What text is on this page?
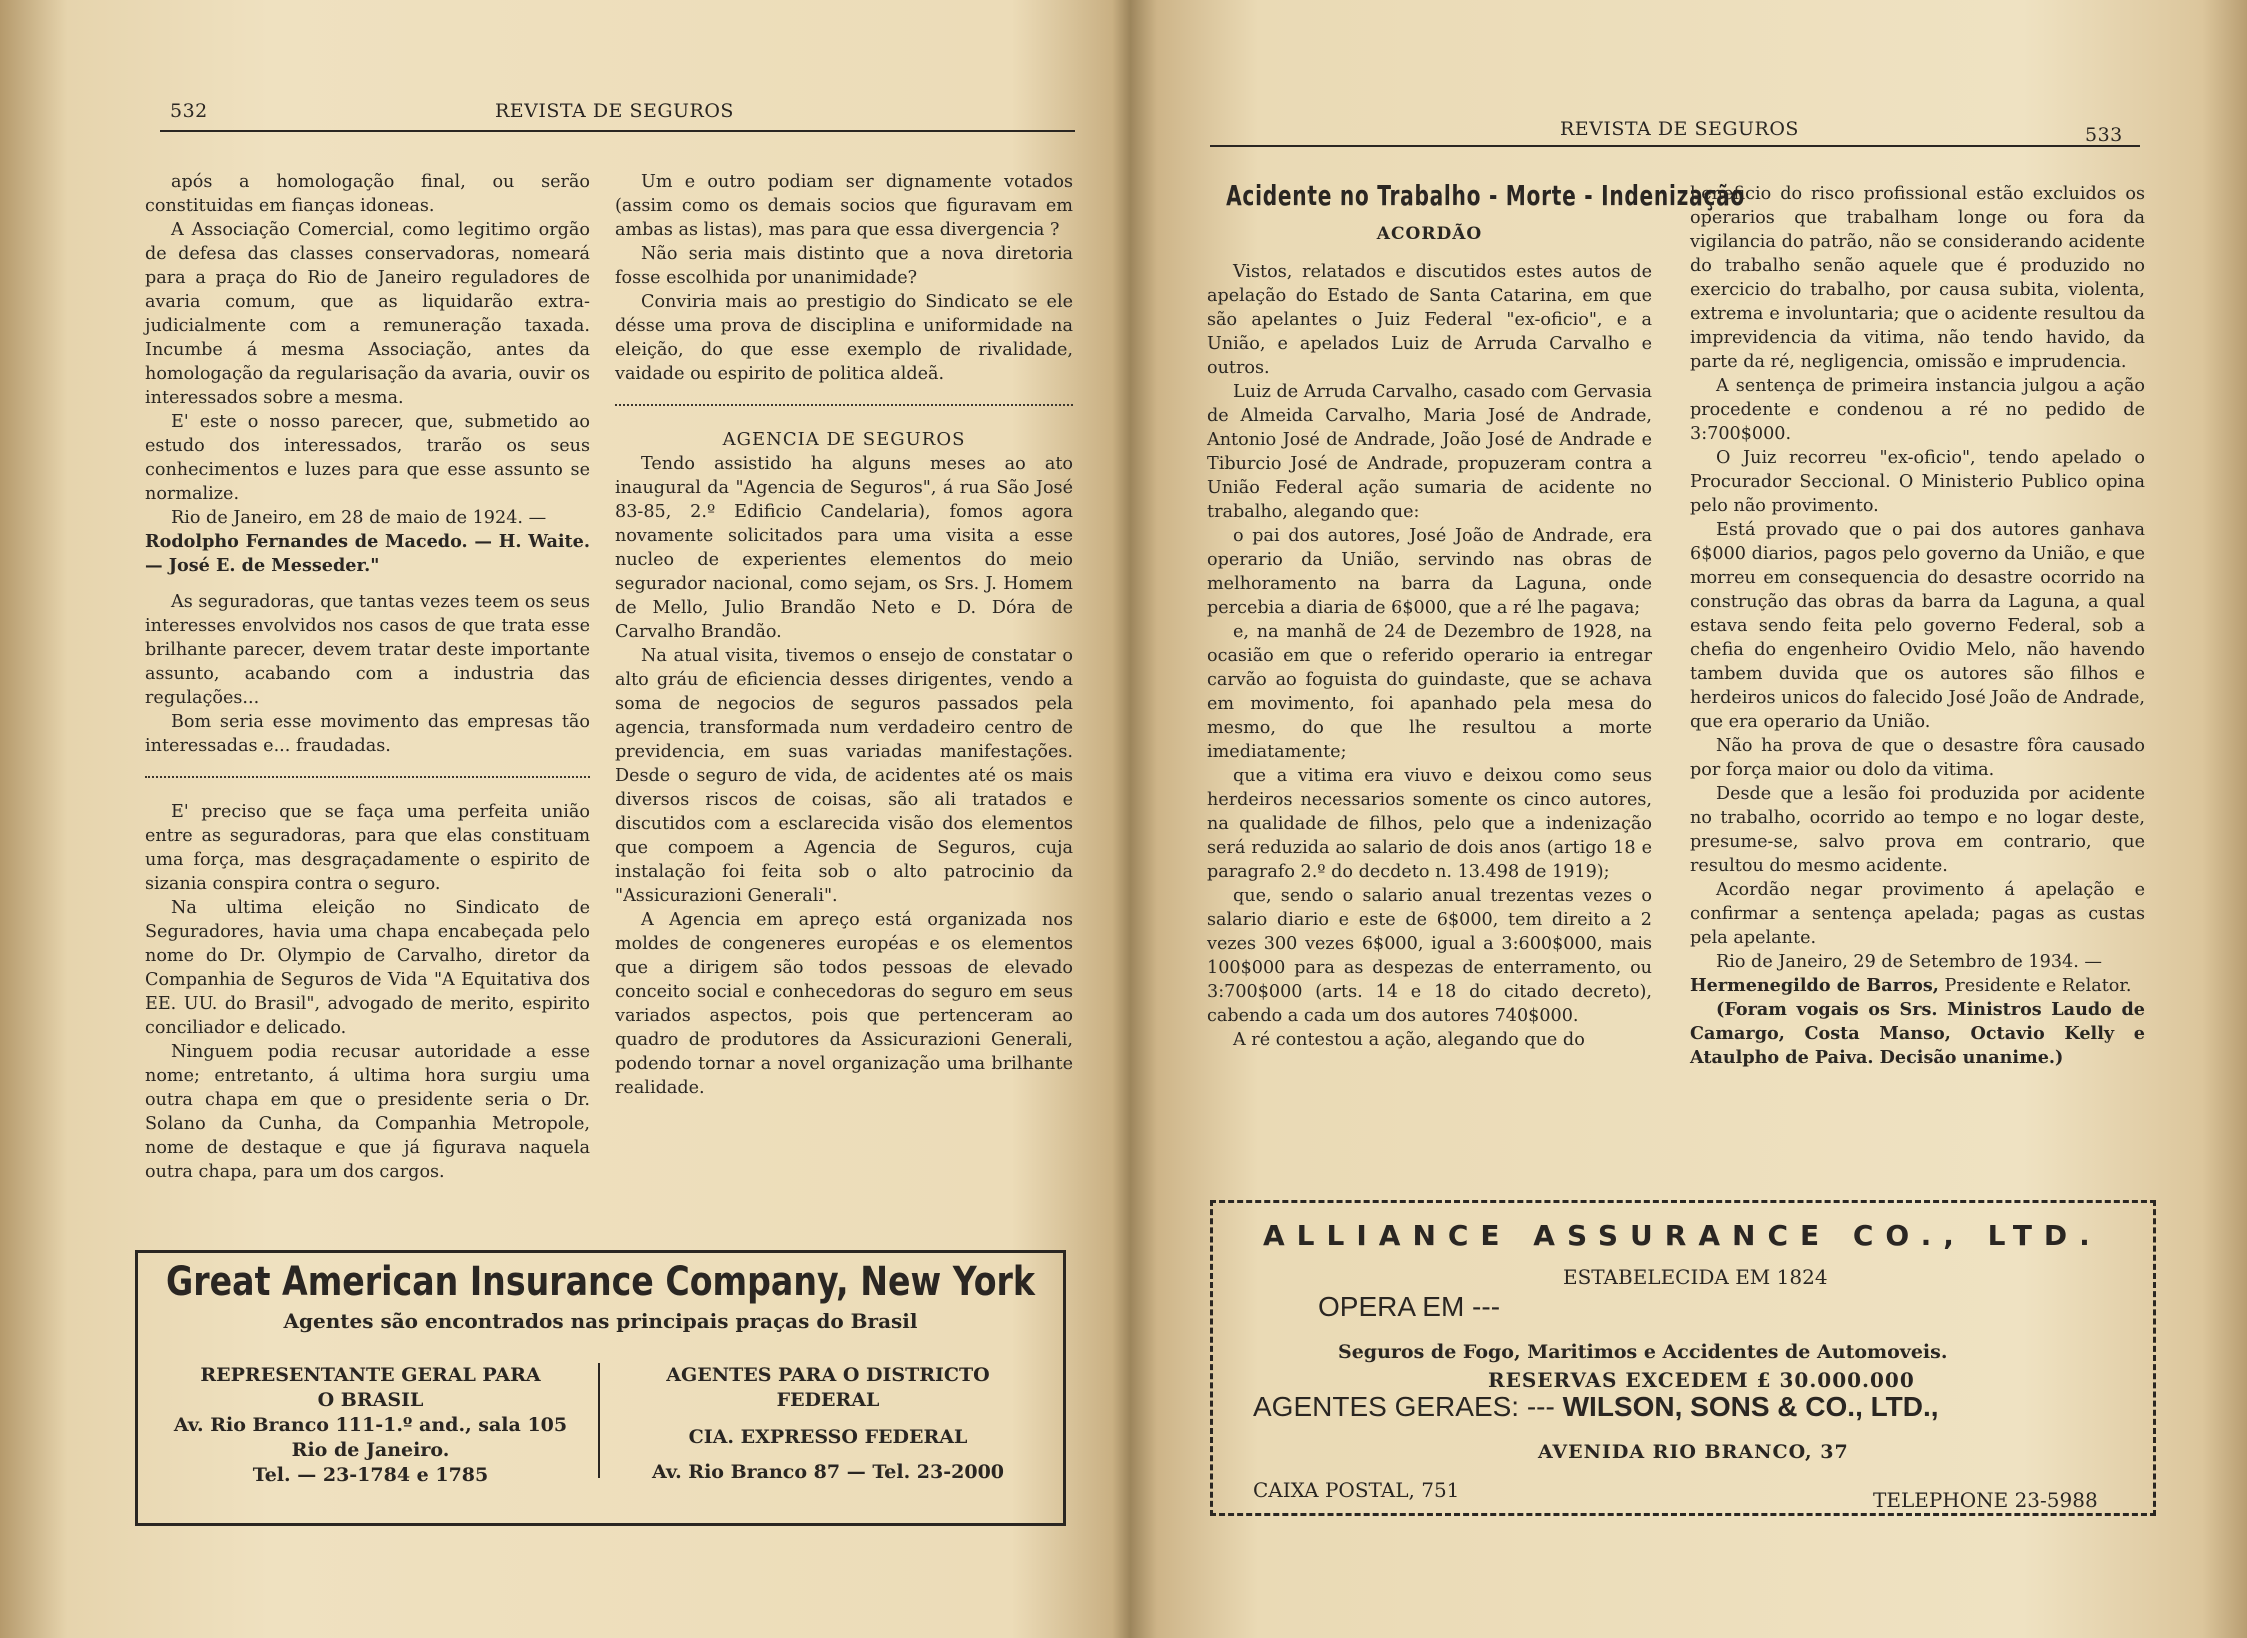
532	REVISTA DE SEGUROS

após a homologação final, ou serão constituidas em fianças idoneas.

A Associação Comercial, como legitimo orgão de defesa das classes conservadoras, nomeará para a praça do Rio de Janeiro reguladores de avaria comum, que as liquidarão extra-judicialmente com a remuneração taxada. Incumbe á mesma Associação, antes da homologação da regularisação da avaria, ouvir os interessados sobre a mesma.

E' este o nosso parecer, que, submetido ao estudo dos interessados, trarão os seus conhecimentos e luzes para que esse assunto se normalize.

Rio de Janeiro, em 28 de maio de 1924. —

Rodolpho Fernandes de Macedo. — H. Waite. — José E. de Messeder."

As seguradoras, que tantas vezes teem os seus interesses envolvidos nos casos de que trata esse brilhante parecer, devem tratar deste importante assunto, acabando com a industria das regulações...

Bom seria esse movimento das empresas tão interessadas e... fraudadas.

E' preciso que se faça uma perfeita união entre as seguradoras, para que elas constituam uma força, mas desgraçadamente o espirito de sizania conspira contra o seguro.

Na ultima eleição no Sindicato de Seguradores, havia uma chapa encabeçada pelo nome do Dr. Olympio de Carvalho, diretor da Companhia de Seguros de Vida "A Equitativa dos EE. UU. do Brasil", advogado de merito, espirito conciliador e delicado.

Ninguem podia recusar autoridade a esse nome; entretanto, á ultima hora surgiu uma outra chapa em que o presidente seria o Dr. Solano da Cunha, da Companhia Metropole, nome de destaque e que já figurava naquela outra chapa, para um dos cargos.

Um e outro podiam ser dignamente votados (assim como os demais socios que figuravam em ambas as listas), mas para que essa divergencia ?

Não seria mais distinto que a nova diretoria fosse escolhida por unanimidade?

Conviria mais ao prestigio do Sindicato se ele désse uma prova de disciplina e uniformidade na eleição, do que esse exemplo de rivalidade, vaidade ou espirito de politica aldeã.

AGENCIA DE SEGUROS

Tendo assistido ha alguns meses ao ato inaugural da "Agencia de Seguros", á rua São José 83-85, 2.º Edificio Candelaria), fomos agora novamente solicitados para uma visita a esse nucleo de experientes elementos do meio segurador nacional, como sejam, os Srs. J. Homem de Mello, Julio Brandão Neto e D. Dóra de Carvalho Brandão.

Na atual visita, tivemos o ensejo de constatar o alto gráu de eficiencia desses dirigentes, vendo a soma de negocios de seguros passados pela agencia, transformada num verdadeiro centro de previdencia, em suas variadas manifestações. Desde o seguro de vida, de acidentes até os mais diversos riscos de coisas, são ali tratados e discutidos com a esclarecida visão dos elementos que compoem a Agencia de Seguros, cuja instalação foi feita sob o alto patrocinio da "Assicurazioni Generali".

A Agencia em apreço está organizada nos moldes de congeneres européas e os elementos que a dirigem são todos pessoas de elevado conceito social e conhecedoras do seguro em seus variados aspectos, pois que pertenceram ao quadro de produtores da Assicurazioni Generali, podendo tornar a novel organização uma brilhante realidade.

Great American Insurance Company, New York
Agentes são encontrados nas principais praças do Brasil
REPRESENTANTE GERAL PARA
O BRASIL
Av. Rio Branco 111-1.º and., sala 105
Rio de Janeiro.
Tel. — 23-1784 e 1785
AGENTES PARA O DISTRICTO
FEDERAL
CIA. EXPRESSO FEDERAL
Av. Rio Branco 87 — Tel. 23-2000
REVISTA DE SEGUROS	533
Acidente no Trabalho - Morte - Indenização
ACORDÃO

Vistos, relatados e discutidos estes autos de apelação do Estado de Santa Catarina, em que são apelantes o Juiz Federal "ex-oficio", e a União, e apelados Luiz de Arruda Carvalho e outros.

Luiz de Arruda Carvalho, casado com Gervasia de Almeida Carvalho, Maria José de Andrade, Antonio José de Andrade, João José de Andrade e Tiburcio José de Andrade, propuzeram contra a União Federal ação sumaria de acidente no trabalho, alegando que:

o pai dos autores, José João de Andrade, era operario da União, servindo nas obras de melhoramento na barra da Laguna, onde percebia a diaria de 6$000, que a ré lhe pagava;

e, na manhã de 24 de Dezembro de 1928, na ocasião em que o referido operario ia entregar carvão ao foguista do guindaste, que se achava em movimento, foi apanhado pela mesa do mesmo, do que lhe resultou a morte imediatamente;

que a vitima era viuvo e deixou como seus herdeiros necessarios somente os cinco autores, na qualidade de filhos, pelo que a indenização será reduzida ao salario de dois anos (artigo 18 e paragrafo 2.º do decdeto n. 13.498 de 1919);

que, sendo o salario anual trezentas vezes o salario diario e este de 6$000, tem direito a 2 vezes 300 vezes 6$000, igual a 3:600$000, mais 100$000 para as despezas de enterramento, ou 3:700$000 (arts. 14 e 18 do citado decreto), cabendo a cada um dos autores 740$000.

A ré contestou a ação, alegando que do

beneficio do risco profissional estão excluidos os operarios que trabalham longe ou fora da vigilancia do patrão, não se considerando acidente do trabalho senão aquele que é produzido no exercicio do trabalho, por causa subita, violenta, extrema e involuntaria; que o acidente resultou da imprevidencia da vitima, não tendo havido, da parte da ré, negligencia, omissão e imprudencia.

A sentença de primeira instancia julgou a ação procedente e condenou a ré no pedido de 3:700$000.

O Juiz recorreu "ex-oficio", tendo apelado o Procurador Seccional. O Ministerio Publico opina pelo não provimento.

Está provado que o pai dos autores ganhava 6$000 diarios, pagos pelo governo da União, e que morreu em consequencia do desastre ocorrido na construção das obras da barra da Laguna, a qual estava sendo feita pelo governo Federal, sob a chefia do engenheiro Ovidio Melo, não havendo tambem duvida que os autores são filhos e herdeiros unicos do falecido José João de Andrade, que era operario da União.

Não ha prova de que o desastre fôra causado por força maior ou dolo da vitima.

Desde que a lesão foi produzida por acidente no trabalho, ocorrido ao tempo e no logar deste, presume-se, salvo prova em contrario, que resultou do mesmo acidente.

Acordão negar provimento á apelação e confirmar a sentença apelada; pagas as custas pela apelante.

Rio de Janeiro, 29 de Setembro de 1934. —

Hermenegildo de Barros, Presidente e Relator.

(Foram vogais os Srs. Ministros Laudo de Camargo, Costa Manso, Octavio Kelly e Ataulpho de Paiva. Decisão unanime.)

ALLIANCE ASSURANCE CO., LTD.
ESTABELECIDA EM 1824
OPERA EM ---
Seguros de Fogo, Maritimos e Accidentes de Automoveis.
RESERVAS EXCEDEM £ 30.000.000
AGENTES GERAES: --- WILSON, SONS & CO., LTD.,
AVENIDA RIO BRANCO, 37
CAIXA POSTAL, 751	TELEPHONE 23-5988
